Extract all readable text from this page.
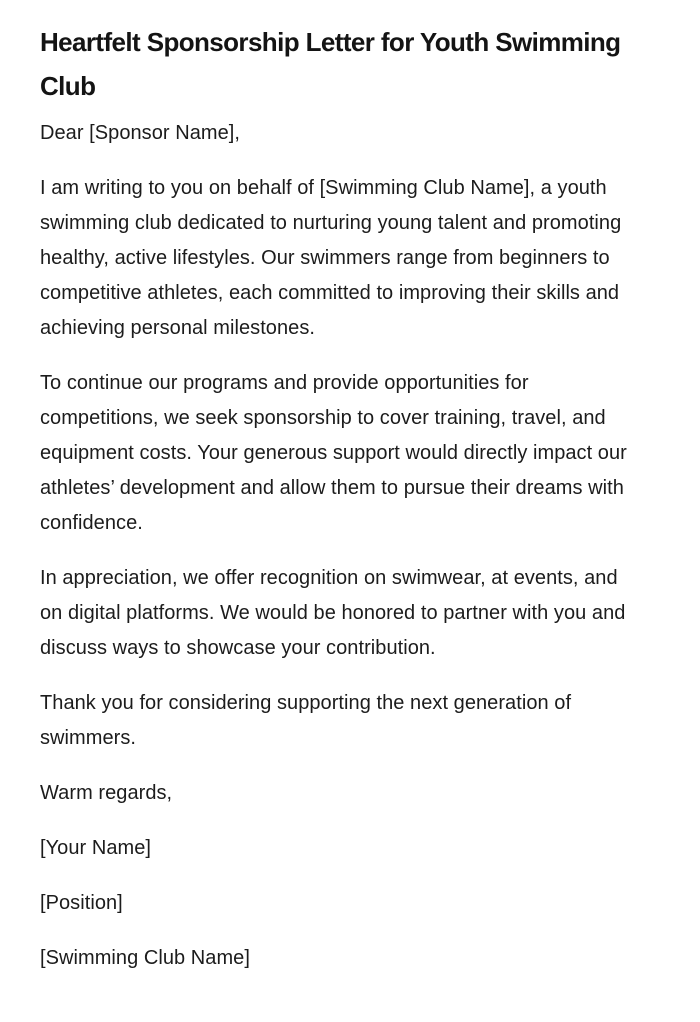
Heartfelt Sponsorship Letter for Youth Swimming Club

Dear [Sponsor Name],

I am writing to you on behalf of [Swimming Club Name], a youth swimming club dedicated to nurturing young talent and promoting healthy, active lifestyles. Our swimmers range from beginners to competitive athletes, each committed to improving their skills and achieving personal milestones.

To continue our programs and provide opportunities for competitions, we seek sponsorship to cover training, travel, and equipment costs. Your generous support would directly impact our athletes’ development and allow them to pursue their dreams with confidence.

In appreciation, we offer recognition on swimwear, at events, and on digital platforms. We would be honored to partner with you and discuss ways to showcase your contribution.

Thank you for considering supporting the next generation of swimmers.

Warm regards,

[Your Name]

[Position]

[Swimming Club Name]
